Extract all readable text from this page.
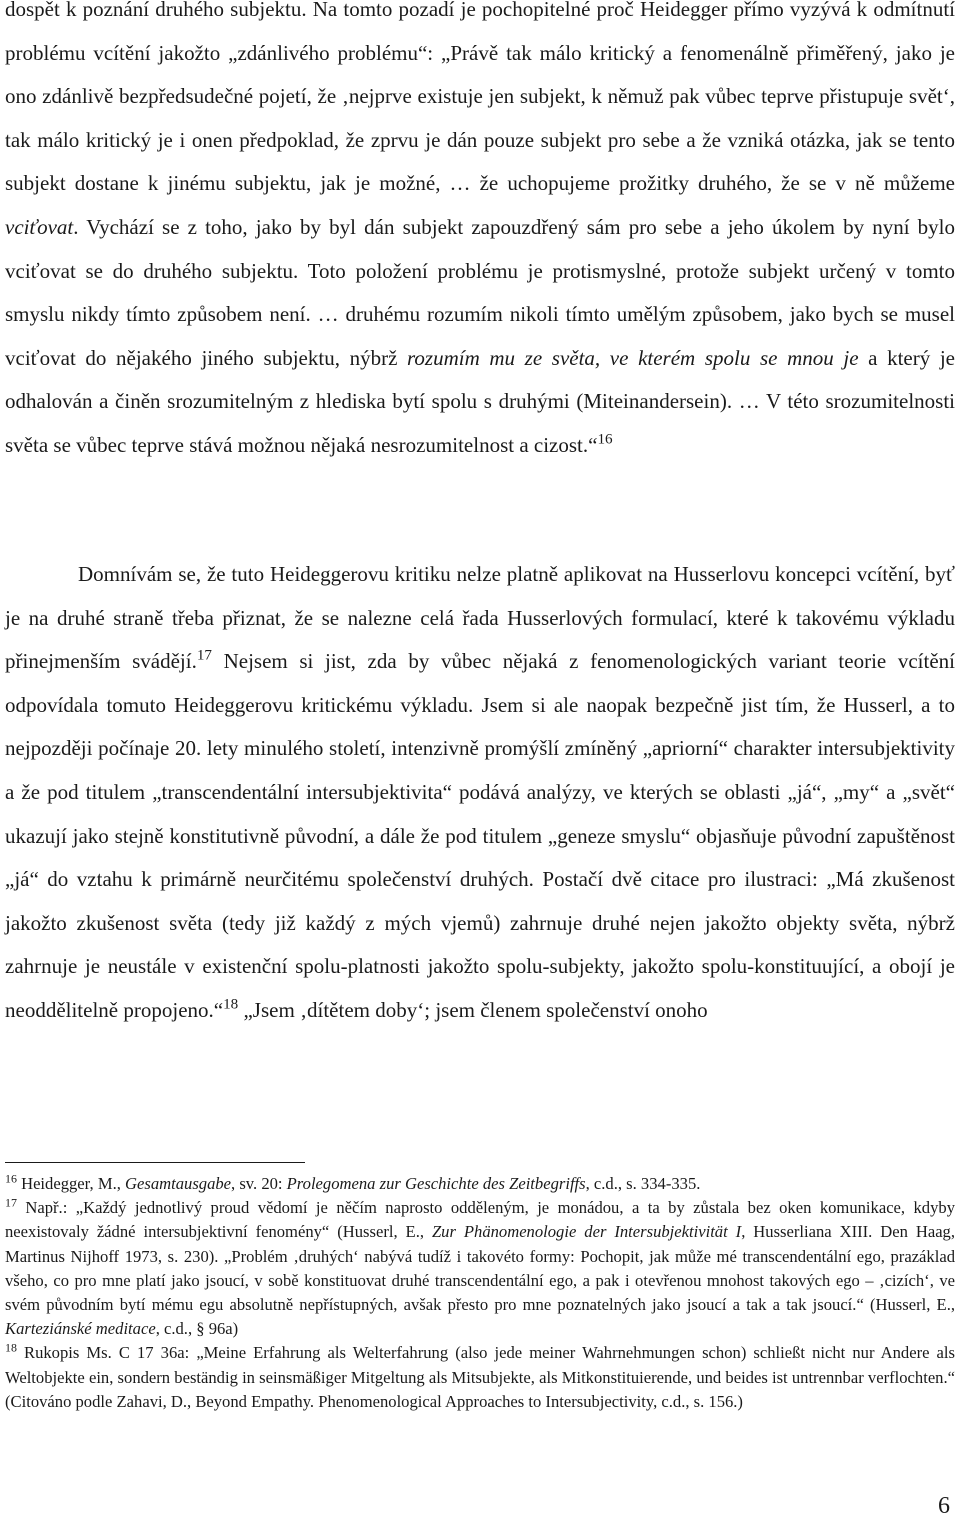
dospět k poznání druhého subjektu. Na tomto pozadí je pochopitelné proč Heidegger přímo vyzývá k odmítnutí problému vcítění jakožto „zdánlivého problému“: „Právě tak málo kritický a fenomenálně přiměřený, jako je ono zdánlivě bezpředsudečné pojetí, že ‚nejprve existuje jen subjekt, k němuž pak vůbec teprve přistupuje svět‘, tak málo kritický je i onen předpoklad, že zprvu je dán pouze subjekt pro sebe a že vzniká otázka, jak se tento subjekt dostane k jinému subjektu, jak je možné, … že uchopujeme prožitky druhého, že se v ně můžeme vciťovat. Vychází se z toho, jako by byl dán subjekt zapouzdřený sám pro sebe a jeho úkolem by nyní bylo vciťovat se do druhého subjektu. Toto položení problému je protismyslné, protože subjekt určený v tomto smyslu nikdy tímto způsobem není. … druhému rozumím nikoli tímto umělým způsobem, jako bych se musel vciťovat do nějakého jiného subjektu, nýbrž rozumím mu ze světa, ve kterém spolu se mnou je a který je odhalován a činěn srozumitelným z hlediska bytí spolu s druhými (Miteinandersein). … V této srozumitelnosti světa se vůbec teprve stává možnou nějaká nesrozumitelnost a cizost.“$^{16}$

Domnívám se, že tuto Heideggerovu kritiku nelze platně aplikovat na Husserlovu koncepci vcítění, byť je na druhé straně třeba přiznat, že se nalezne celá řada Husserlových formulací, které k takovému výkladu přinejmenším svádějí.$^{17}$ Nejsem si jist, zda by vůbec nějaká z fenomenologických variant teorie vcítění odpovídala tomuto Heideggerovu kritickému výkladu. Jsem si ale naopak bezpečně jist tím, že Husserl, a to nejpozději počínaje 20. lety minulého století, intenzivně promýšlí zmíněný „apriorní“ charakter intersubjektivity a že pod titulem „transcendentální intersubjektivita“ podává analýzy, ve kterých se oblasti „já“, „my“ a „svět“ ukazují jako stejně konstitutivně původní, a dále že pod titulem „geneze smyslu“ objasňuje původní zapuštěnost „já“ do vztahu k primárně neurčitému společenství druhých. Postačí dvě citace pro ilustraci: „Má zkušenost jakožto zkušenost světa (tedy již každý z mých vjemů) zahrnuje druhé nejen jakožto objekty světa, nýbrž zahrnuje je neustále v existenční spolu-platnosti jakožto spolu-subjekty, jakožto spolu-konstituující, a obojí je neoddělitelně propojeno.“$^{18}$ „Jsem ‚dítětem doby‘; jsem členem společenství onoho

$^{16}$ Heidegger, M., Gesamtausgabe, sv. 20: Prolegomena zur Geschichte des Zeitbegriffs, c.d., s. 334-335.

$^{17}$ Např.: „Každý jednotlivý proud vědomí je něčím naprosto odděleným, je monádou, a ta by zůstala bez oken komunikace, kdyby neexistovaly žádné intersubjektivní fenomény“ (Husserl, E., Zur Phänomenologie der Intersubjektivität I, Husserliana XIII. Den Haag, Martinus Nijhoff 1973, s. 230). „Problém ‚druhých‘ nabývá tudíž i takovéto formy: Pochopit, jak může mé transcendentální ego, prazáklad všeho, co pro mne platí jako jsoucí, v sobě konstituovat druhé transcendentální ego, a pak i otevřenou mnohost takových ego – ‚cizích‘, ve svém původním bytí mému egu absolutně nepřístupných, avšak přesto pro mne poznatelných jako jsoucí a tak a tak jsoucí.“ (Husserl, E., Karteziánské meditace, c.d., § 96a)

$^{18}$ Rukopis Ms. C 17 36a: „Meine Erfahrung als Welterfahrung (also jede meiner Wahrnehmungen schon) schließt nicht nur Andere als Weltobjekte ein, sondern beständig in seinsmäßiger Mitgeltung als Mitsubjekte, als Mitkonstituierende, und beides ist untrennbar verflochten.“ (Citováno podle Zahavi, D., Beyond Empathy. Phenomenological Approaches to Intersubjectivity, c.d., s. 156.)

6
